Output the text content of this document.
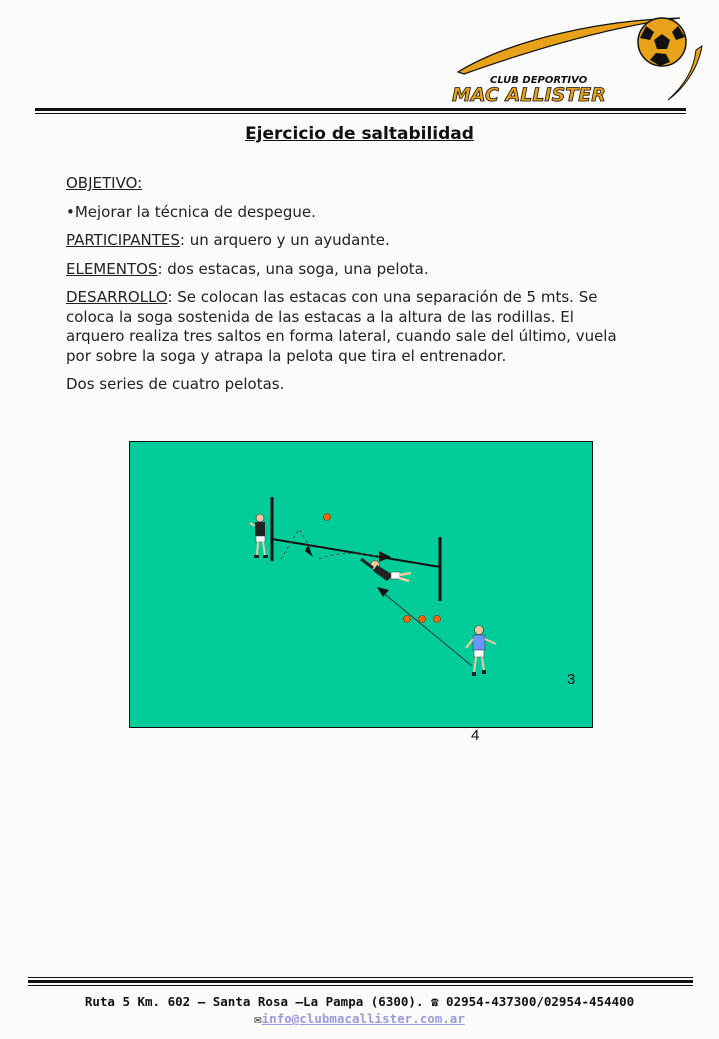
CLUB DEPORTIVO
MAC ALLISTER
Ejercicio de saltabilidad

OBJETIVO:

•Mejorar la técnica de despegue.

PARTICIPANTES: un arquero y un ayudante.

ELEMENTOS: dos estacas, una soga, una pelota.

DESARROLLO: Se colocan las estacas con una separación de 5 mts. Se coloca la soga sostenida de las estacas a la altura de las rodillas. El arquero realiza tres saltos en forma lateral, cuando sale del último, vuela por sobre la soga y atrapa la pelota que tira el entrenador.

Dos series de cuatro pelotas.

3
4
Ruta 5 Km. 602 – Santa Rosa –La Pampa (6300). ☎ 02954-437300/02954-454400
✉info@clubmacallister.com.ar
